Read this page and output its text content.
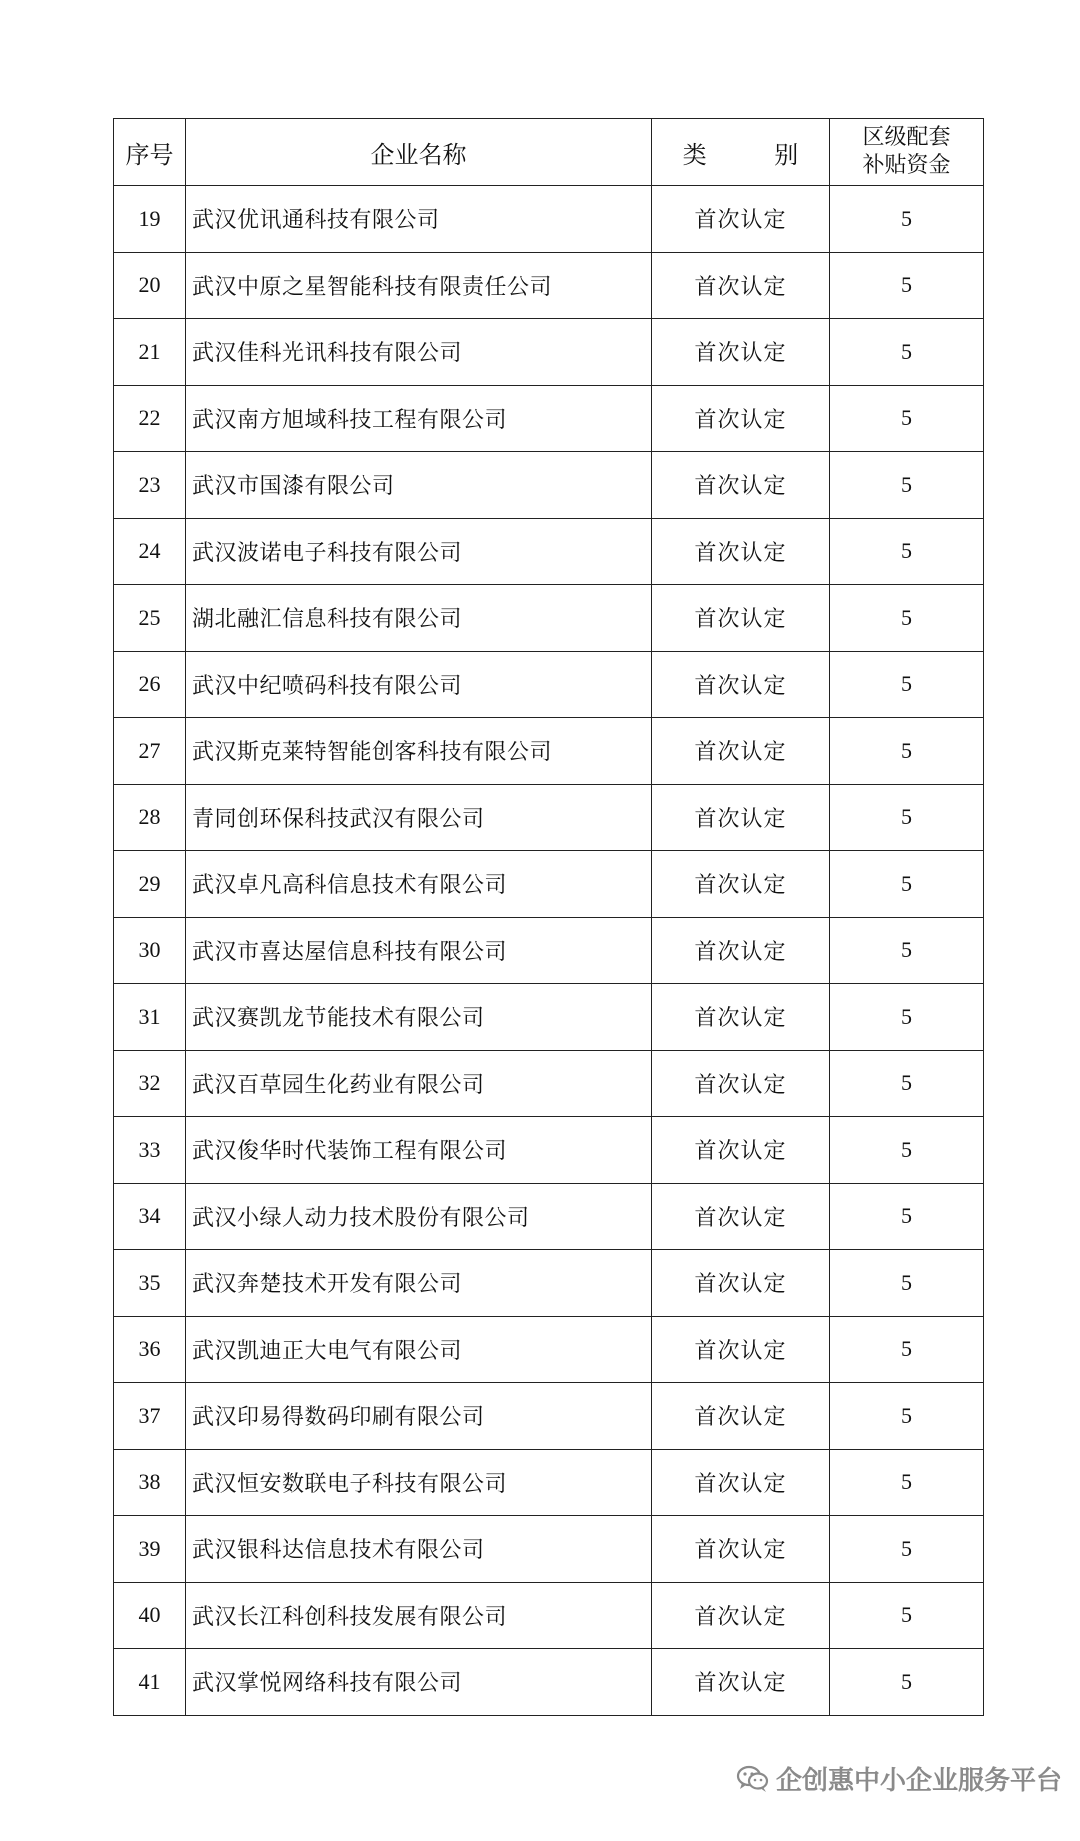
序号	企业名称	类 别	区级配套
补贴资金

19	武汉优讯通科技有限公司	首次认定	5
20	武汉中原之星智能科技有限责任公司	首次认定	5
21	武汉佳科光讯科技有限公司	首次认定	5
22	武汉南方旭域科技工程有限公司	首次认定	5
23	武汉市国漆有限公司	首次认定	5
24	武汉波诺电子科技有限公司	首次认定	5
25	湖北融汇信息科技有限公司	首次认定	5
26	武汉中纪喷码科技有限公司	首次认定	5
27	武汉斯克莱特智能创客科技有限公司	首次认定	5
28	青同创环保科技武汉有限公司	首次认定	5
29	武汉卓凡高科信息技术有限公司	首次认定	5
30	武汉市喜达屋信息科技有限公司	首次认定	5
31	武汉赛凯龙节能技术有限公司	首次认定	5
32	武汉百草园生化药业有限公司	首次认定	5
33	武汉俊华时代装饰工程有限公司	首次认定	5
34	武汉小绿人动力技术股份有限公司	首次认定	5
35	武汉奔楚技术开发有限公司	首次认定	5
36	武汉凯迪正大电气有限公司	首次认定	5
37	武汉印易得数码印刷有限公司	首次认定	5
38	武汉恒安数联电子科技有限公司	首次认定	5
39	武汉银科达信息技术有限公司	首次认定	5
40	武汉长江科创科技发展有限公司	首次认定	5
41	武汉掌悦网络科技有限公司	首次认定	5
企创惠中小企业服务平台
